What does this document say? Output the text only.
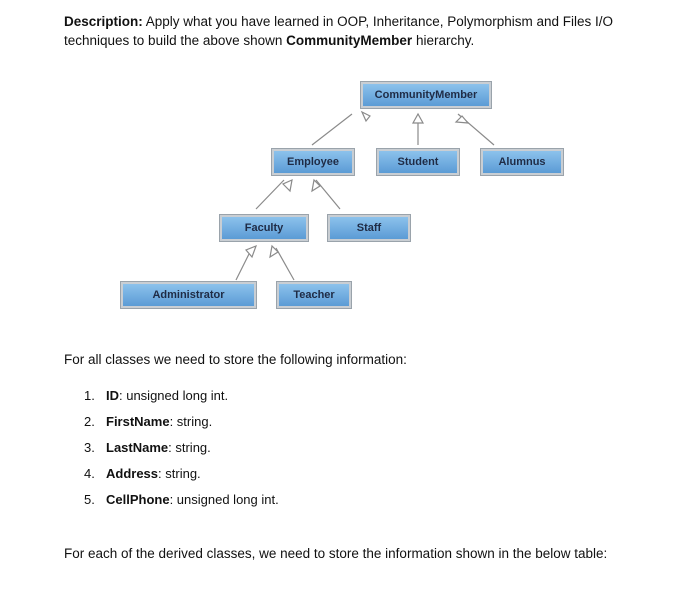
Description: Apply what you have learned in OOP, Inheritance, Polymorphism and Files I/O techniques to build the above shown CommunityMember hierarchy.
CommunityMember
Employee	Student	Alumnus
Faculty	Staff
Administrator	Teacher
For all classes we need to store the following information:
1. ID: unsigned long int.
2. FirstName: string.
3. LastName: string.
4. Address: string.
5. CellPhone: unsigned long int.
For each of the derived classes, we need to store the information shown in the below table:
